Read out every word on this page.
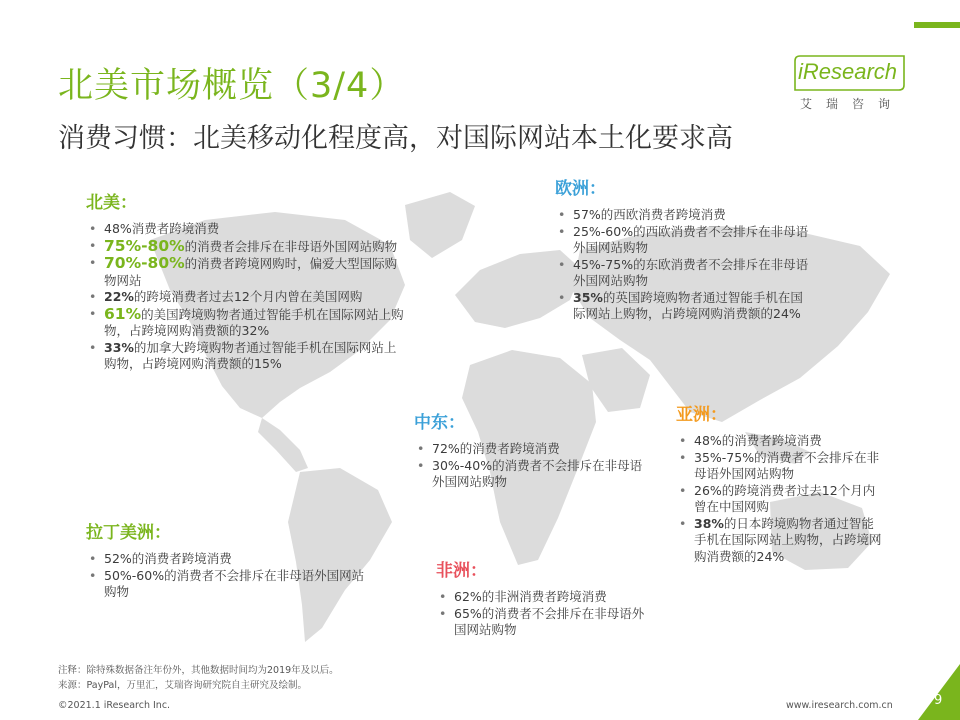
北美市场概览（3/4）
消费习惯：北美移动化程度高，对国际网站本土化要求高
iResearch
艾瑞咨询
北美：
• 48%消费者跨境消费
• 75%-80%的消费者会排斥在非母语外国网站购物
• 70%-80%的消费者跨境网购时，偏爱大型国际购物网站
• 22%的跨境消费者过去12个月内曾在美国网购
• 61%的美国跨境购物者通过智能手机在国际网站上购物，占跨境网购消费额的32%
• 33%的加拿大跨境购物者通过智能手机在国际网站上购物，占跨境网购消费额的15%
欧洲：
• 57%的西欧消费者跨境消费
• 25%-60%的西欧消费者不会排斥在非母语外国网站购物
• 45%-75%的东欧消费者不会排斥在非母语外国网站购物
• 35%的英国跨境购物者通过智能手机在国际网站上购物，占跨境网购消费额的24%
中东：
• 72%的消费者跨境消费
• 30%-40%的消费者不会排斥在非母语外国网站购物
亚洲：
• 48%的消费者跨境消费
• 35%-75%的消费者不会排斥在非母语外国网站购物
• 26%的跨境消费者过去12个月内曾在中国网购
• 38%的日本跨境购物者通过智能手机在国际网站上购物，占跨境网购消费额的24%
拉丁美洲：
• 52%的消费者跨境消费
• 50%-60%的消费者不会排斥在非母语外国网站购物
非洲：
• 62%的非洲消费者跨境消费
• 65%的消费者不会排斥在非母语外国网站购物
注释：除特殊数据备注年份外，其他数据时间均为2019年及以后。
来源：PayPal，万里汇，艾瑞咨询研究院自主研究及绘制。
©2021.1 iResearch Inc.	www.iresearch.com.cn	9
